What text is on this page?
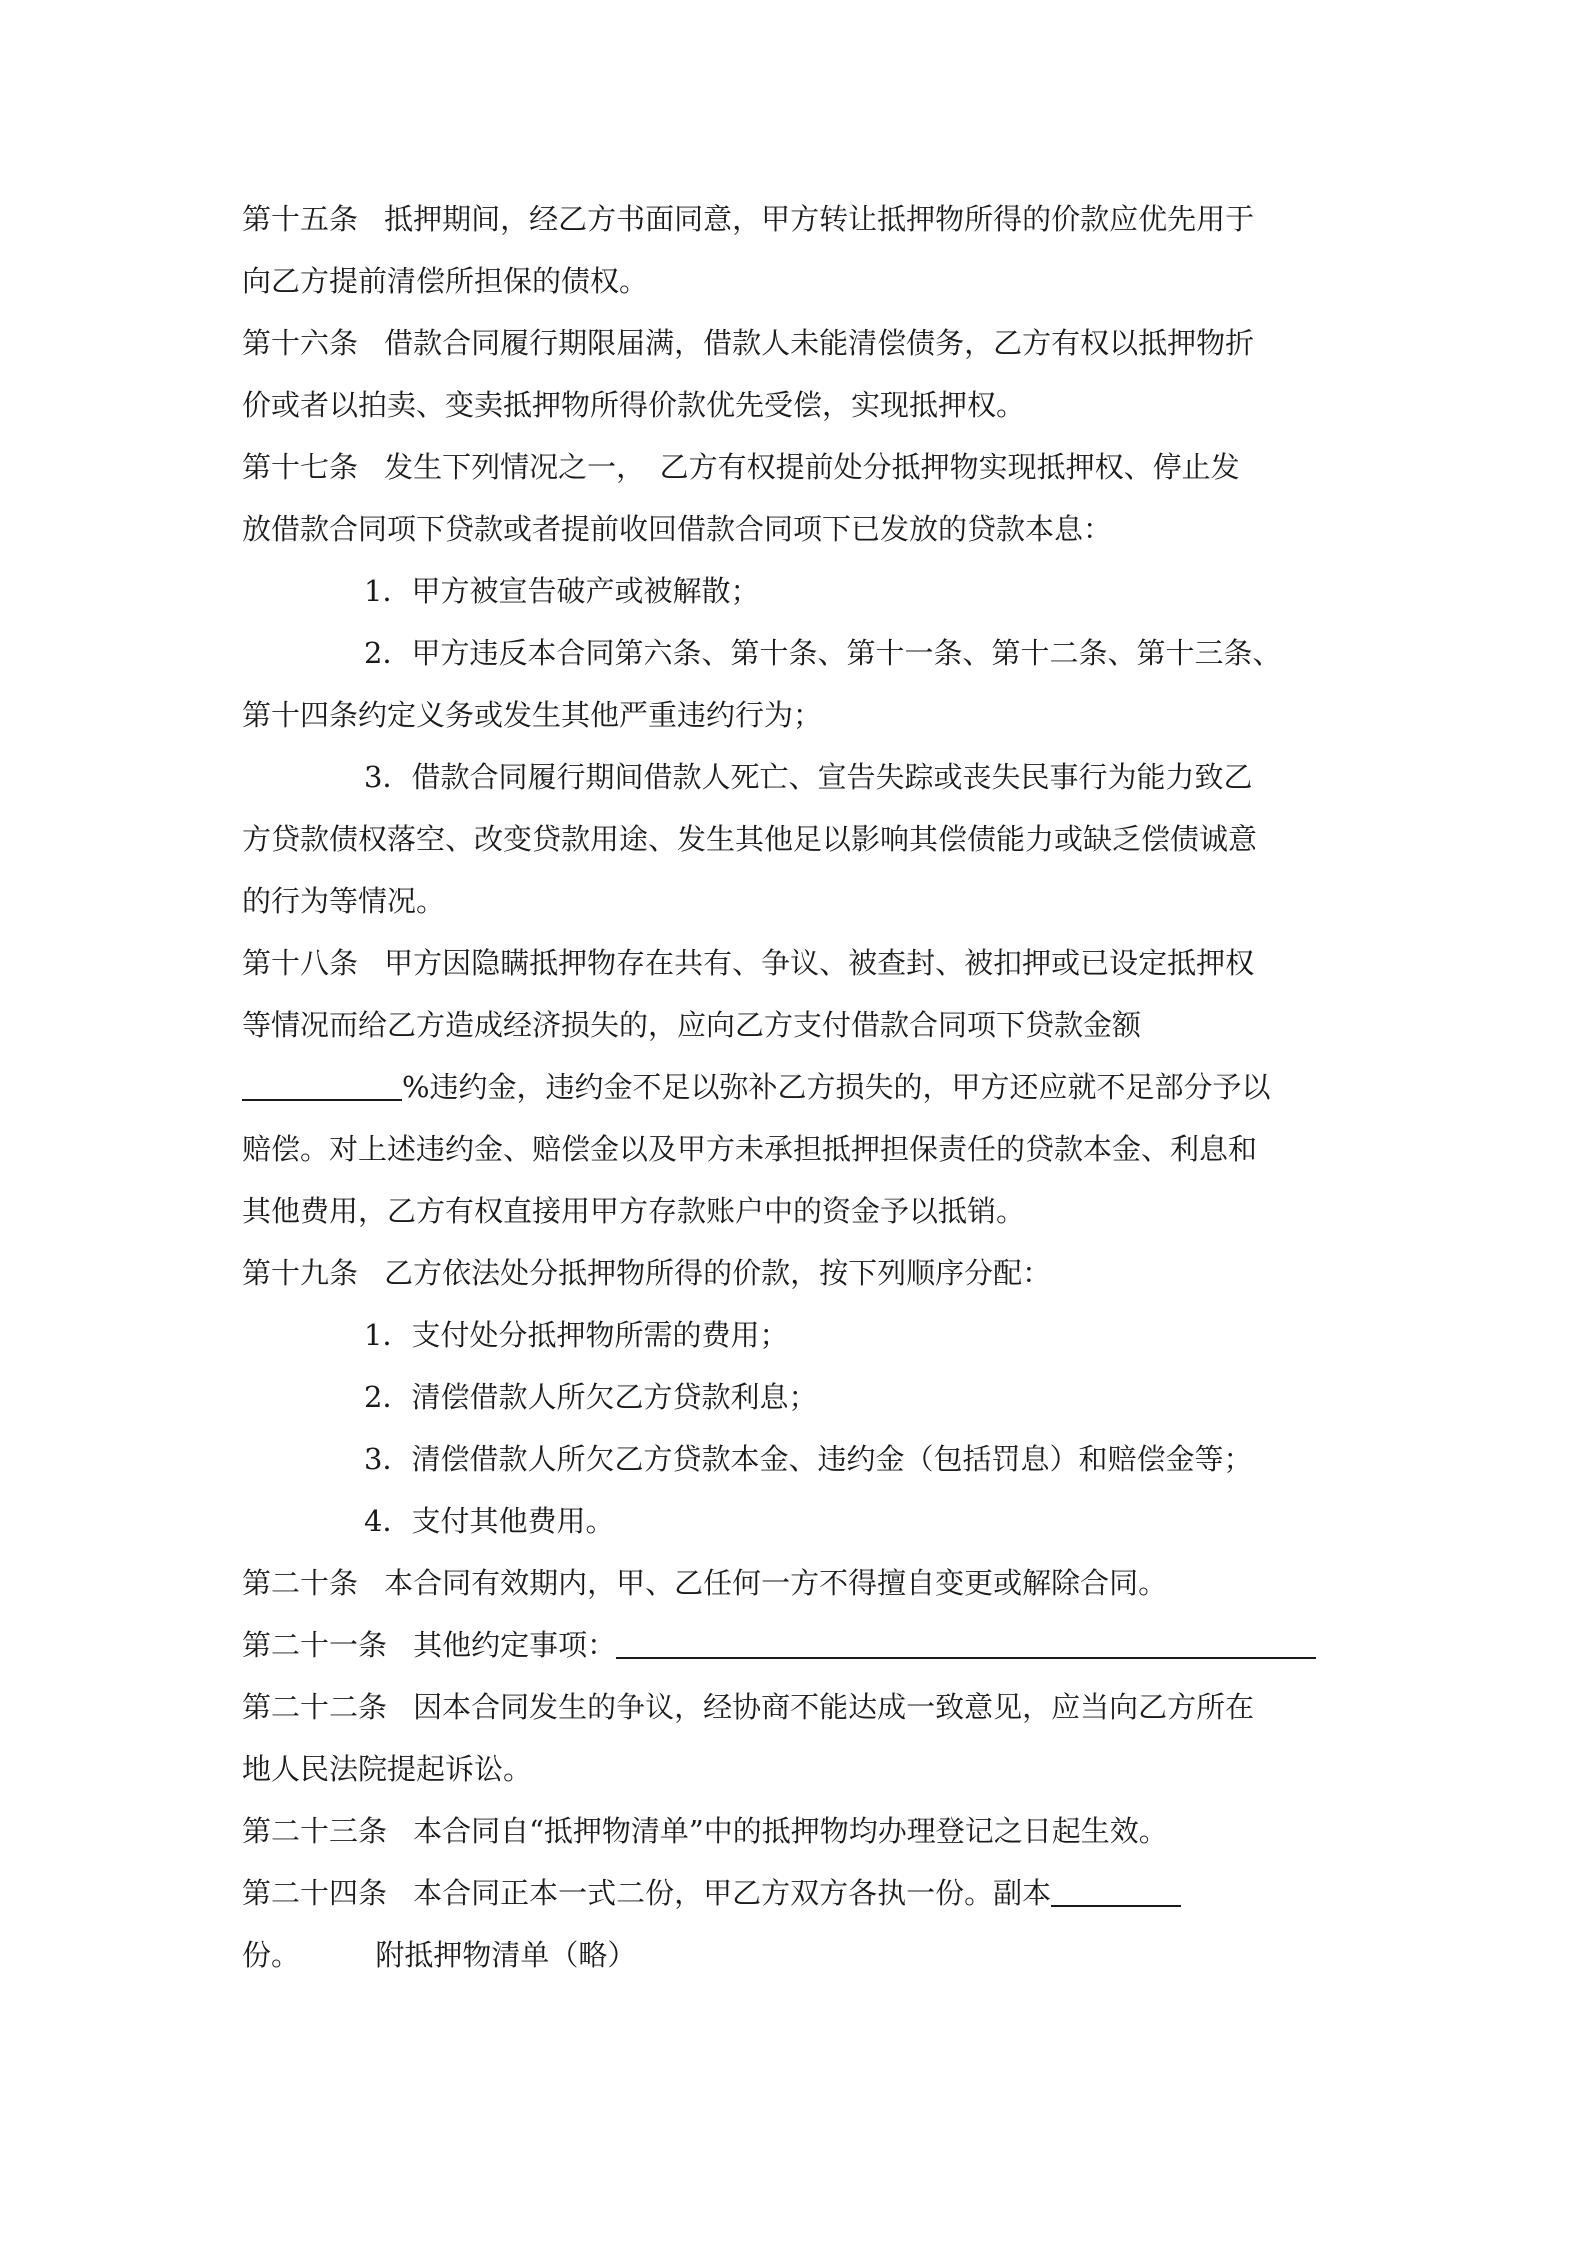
第十五条 抵押期间，经乙方书面同意，甲方转让抵押物所得的价款应优先用于
向乙方提前清偿所担保的债权。

第十六条 借款合同履行期限届满，借款人未能清偿债务，乙方有权以抵押物折
价或者以拍卖、变卖抵押物所得价款优先受偿，实现抵押权。

第十七条 发生下列情况之一，　乙方有权提前处分抵押物实现抵押权、停止发
放借款合同项下贷款或者提前收回借款合同项下已发放的贷款本息：

1．甲方被宣告破产或被解散；

2．甲方违反本合同第六条、第十条、第十一条、第十二条、第十三条、

第十四条约定义务或发生其他严重违约行为；

3．借款合同履行期间借款人死亡、宣告失踪或丧失民事行为能力致乙

方贷款债权落空、改变贷款用途、发生其他足以影响其偿债能力或缺乏偿债诚意
的行为等情况。

第十八条 甲方因隐瞒抵押物存在共有、争议、被查封、被扣押或已设定抵押权
等情况而给乙方造成经济损失的，应向乙方支付借款合同项下贷款金额
%违约金，违约金不足以弥补乙方损失的，甲方还应就不足部分予以
赔偿。对上述违约金、赔偿金以及甲方未承担抵押担保责任的贷款本金、利息和
其他费用，乙方有权直接用甲方存款账户中的资金予以抵销。

第十九条 乙方依法处分抵押物所得的价款，按下列顺序分配：

1．支付处分抵押物所需的费用；

2．清偿借款人所欠乙方贷款利息；

3．清偿借款人所欠乙方贷款本金、违约金（包括罚息）和赔偿金等；

4．支付其他费用。

第二十条 本合同有效期内，甲、乙任何一方不得擅自变更或解除合同。

第二十一条 其他约定事项：

第二十二条 因本合同发生的争议，经协商不能达成一致意见，应当向乙方所在
地人民法院提起诉讼。

第二十三条 本合同自“抵押物清单”中的抵押物均办理登记之日起生效。

第二十四条 本合同正本一式二份，甲乙方双方各执一份。副本
份。	附抵押物清单（略）
